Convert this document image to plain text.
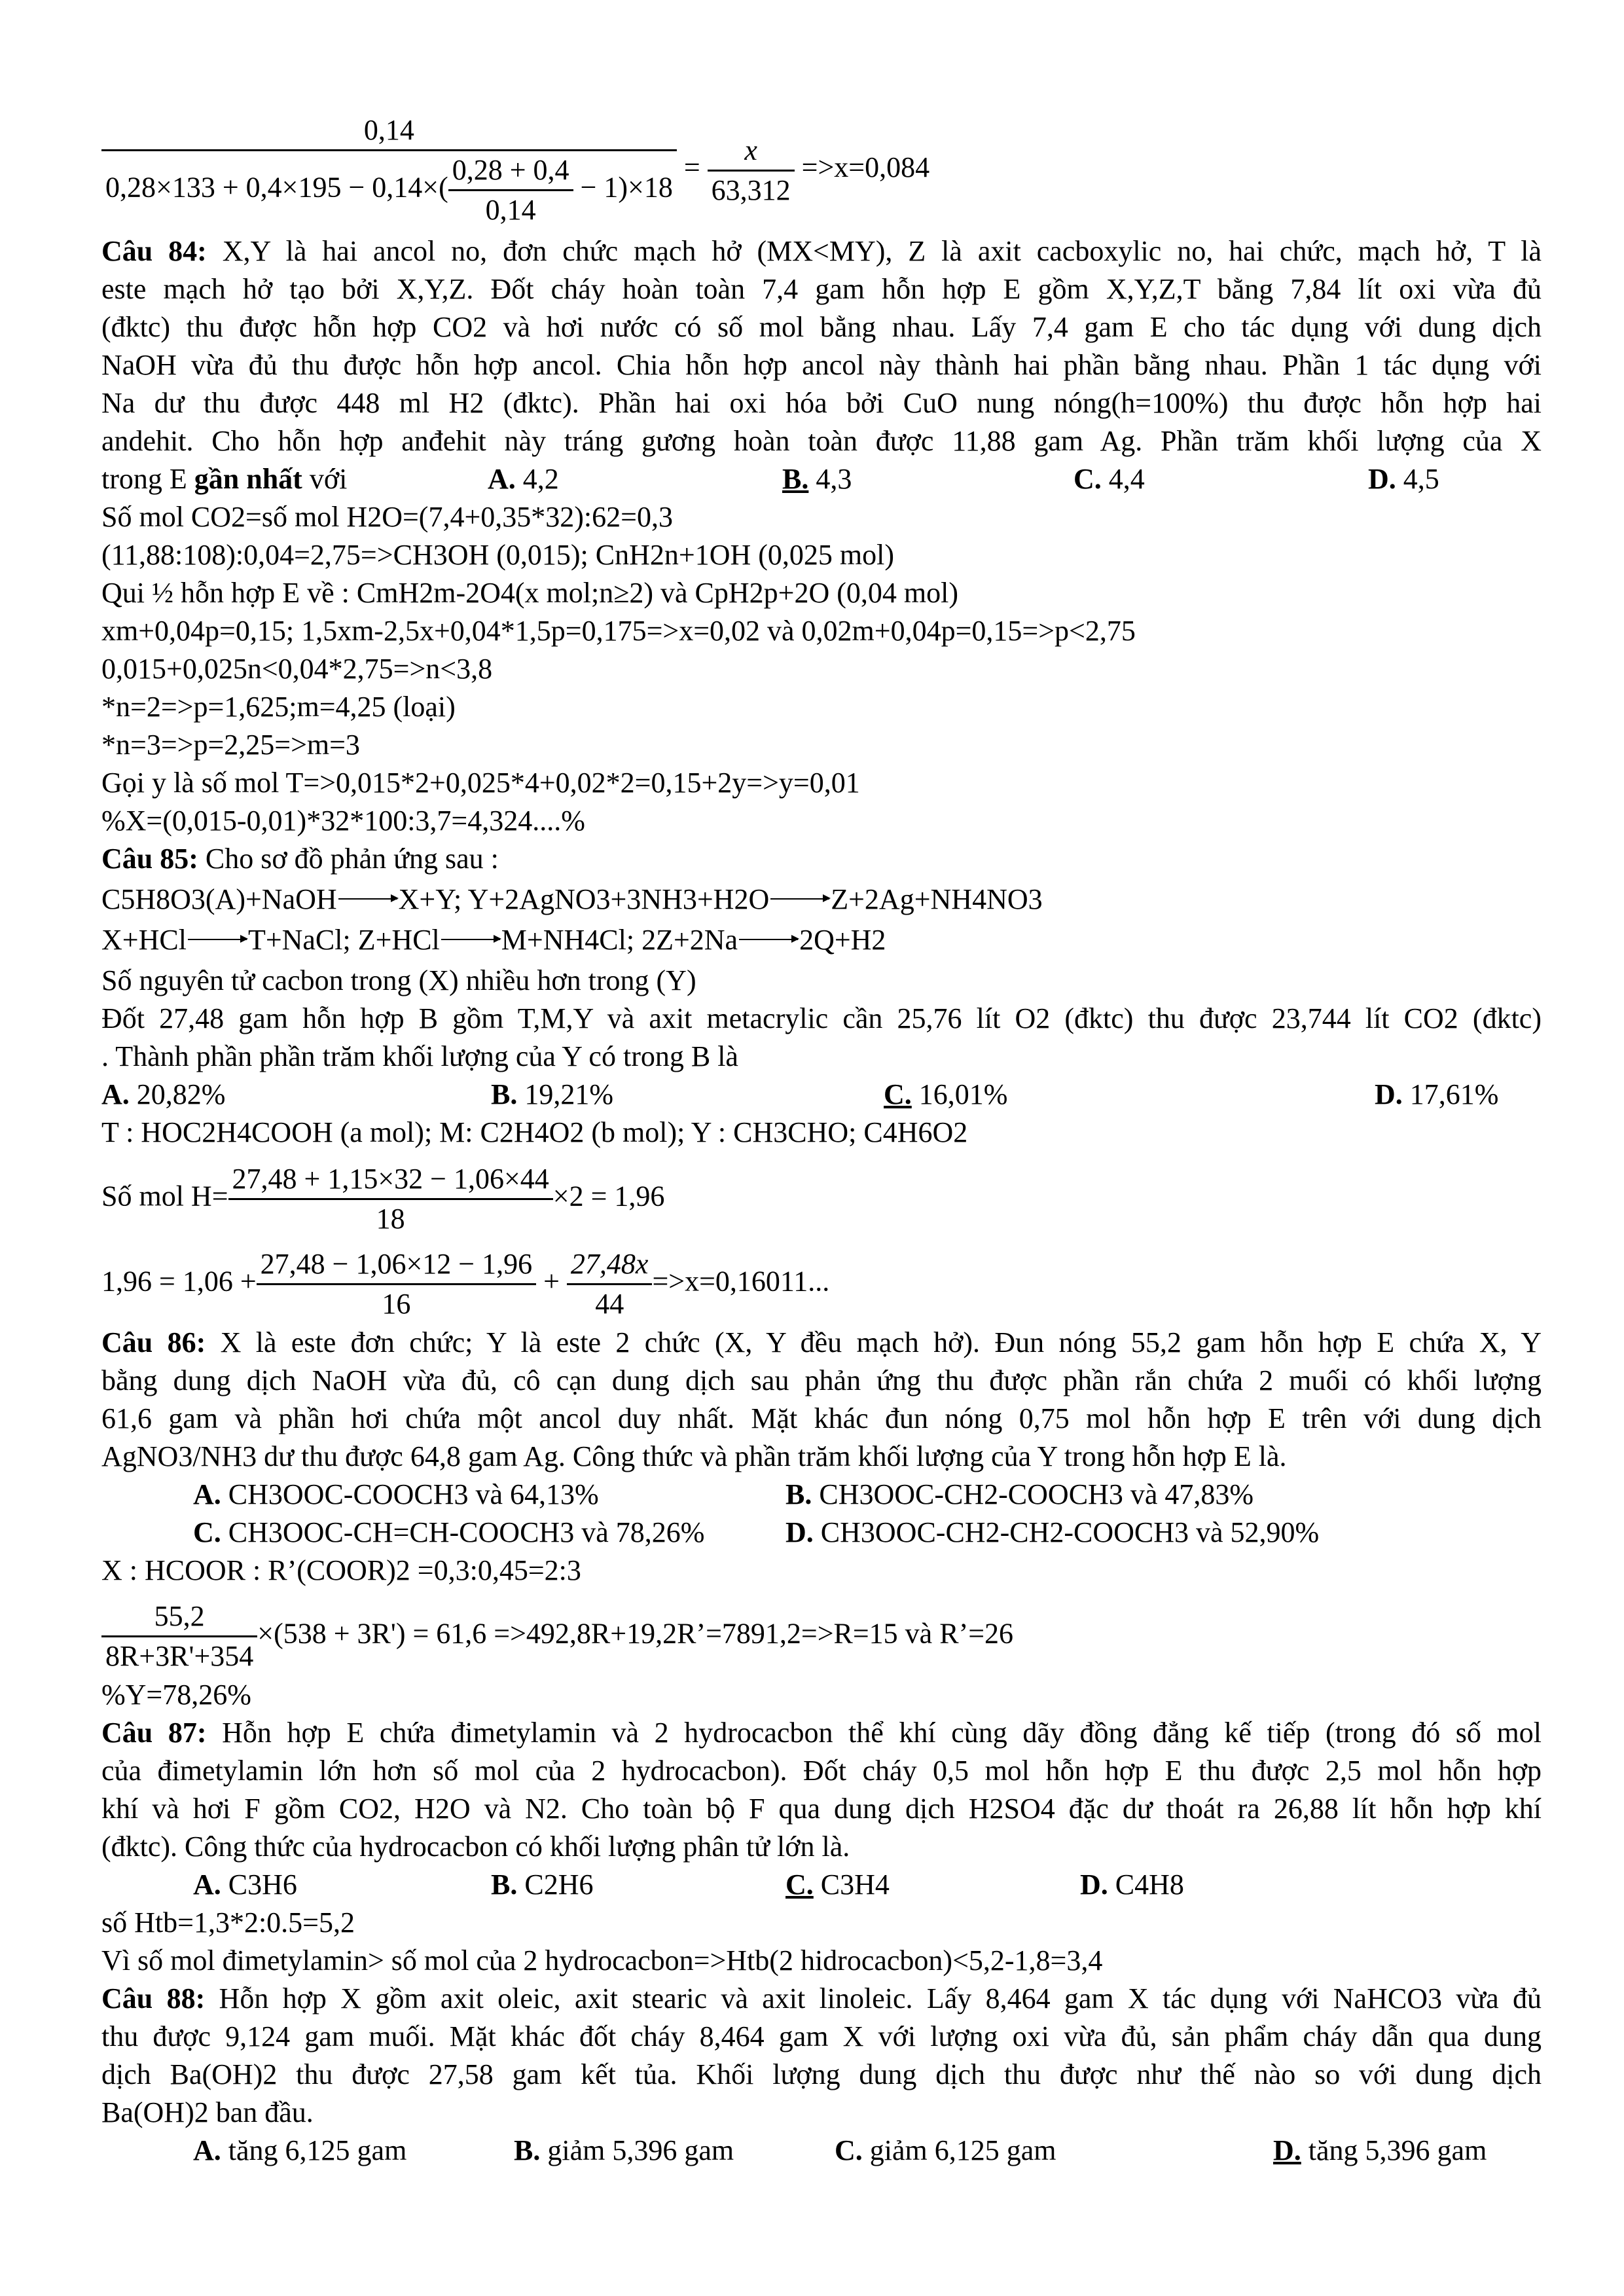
$\frac{0,14}{0,28\times 133 + 0,4\times 195 - 0,14\times( \frac{0,28 + 0,4}{0,14} - 1)\times 18} = \frac{x}{63,312} =>x=0,084$
Câu 84: X,Y là hai ancol no, đơn chức mạch hở (MX<MY), Z là axit cacboxylic no, hai chức, mạch hở, T là
este mạch hở tạo bởi X,Y,Z. Đốt cháy hoàn toàn 7,4 gam hỗn hợp E gồm X,Y,Z,T bằng 7,84 lít oxi vừa đủ
(đktc) thu được hỗn hợp CO2 và hơi nước có số mol bằng nhau. Lấy 7,4 gam E cho tác dụng với dung dịch
NaOH vừa đủ thu được hỗn hợp ancol. Chia hỗn hợp ancol này thành hai phần bằng nhau. Phần 1 tác dụng với
Na dư thu được 448 ml H2 (đktc). Phần hai oxi hóa bởi CuO nung nóng(h=100%) thu được hỗn hợp hai
andehit. Cho hỗn hợp anđehit này tráng gương hoàn toàn được 11,88 gam Ag. Phần trăm khối lượng của X
trong E gần nhất với	A. 4,2	B. 4,3	C. 4,4	D. 4,5
Số mol CO2=số mol H2O=(7,4+0,35*32):62=0,3
(11,88:108):0,04=2,75=>CH3OH (0,015); CnH2n+1OH (0,025 mol)
Qui ½ hỗn hợp E về : CmH2m-2O4(x mol;n≥2) và CpH2p+2O (0,04 mol)
xm+0,04p=0,15; 1,5xm-2,5x+0,04*1,5p=0,175=>x=0,02 và 0,02m+0,04p=0,15=>p<2,75
0,015+0,025n<0,04*2,75=>n<3,8
*n=2=>p=1,625;m=4,25 (loại)
*n=3=>p=2,25=>m=3
Gọi y là số mol T=>0,015*2+0,025*4+0,02*2=0,15+2y=>y=0,01
%X=(0,015-0,01)*32*100:3,7=4,324....%
Câu 85: Cho sơ đồ phản ứng sau :
C5H8O3(A)+NaOH X+Y; Y+2AgNO3+3NH3+H2O Z+2Ag+NH4NO3
X+HCl T+NaCl; Z+HCl M+NH4Cl; 2Z+2Na 2Q+H2
Số nguyên tử cacbon trong (X) nhiều hơn trong (Y)
Đốt 27,48 gam hỗn hợp B gồm T,M,Y và axit metacrylic cần 25,76 lít O2 (đktc) thu được 23,744 lít CO2 (đktc)
. Thành phần phần trăm khối lượng của Y có trong B là
A. 20,82%	B. 19,21%	C. 16,01%	D. 17,61%
T : HOC2H4COOH (a mol); M: C2H4O2 (b mol); Y : CH3CHO; C4H6O2
Số mol $H= \frac{27,48 + 1,15\times 32 - 1,06\times 44}{18} \times 2 = 1,96$
$1,96 = 1,06 + \frac{27,48 - 1,06\times 12 - 1,96}{16} + \frac{27,48x}{44} =>x=0,16011$...
Câu 86: X là este đơn chức; Y là este 2 chức (X, Y đều mạch hở). Đun nóng 55,2 gam hỗn hợp E chứa X, Y
bằng dung dịch NaOH vừa đủ, cô cạn dung dịch sau phản ứng thu được phần rắn chứa 2 muối có khối lượng
61,6 gam và phần hơi chứa một ancol duy nhất. Mặt khác đun nóng 0,75 mol hỗn hợp E trên với dung dịch
AgNO3/NH3 dư thu được 64,8 gam Ag. Công thức và phần trăm khối lượng của Y trong hỗn hợp E là.
A. CH3OOC-COOCH3 và 64,13%	B. CH3OOC-CH2-COOCH3 và 47,83%
C. CH3OOC-CH=CH-COOCH3 và 78,26%	D. CH3OOC-CH2-CH2-COOCH3 và 52,90%
X : HCOOR : R’(COOR)2 =0,3:0,45=2:3
$\frac{55,2}{8R+3R'+354} \times(538 + 3R') = 61,6$ =>492,8R+19,2R’=7891,2=>R=15 và R’=26
%Y=78,26%
Câu 87: Hỗn hợp E chứa đimetylamin và 2 hydrocacbon thể khí cùng dãy đồng đẳng kế tiếp (trong đó số mol
của đimetylamin lớn hơn số mol của 2 hydrocacbon). Đốt cháy 0,5 mol hỗn hợp E thu được 2,5 mol hỗn hợp
khí và hơi F gồm CO2, H2O và N2. Cho toàn bộ F qua dung dịch H2SO4 đặc dư thoát ra 26,88 lít hỗn hợp khí
(đktc). Công thức của hydrocacbon có khối lượng phân tử lớn là.
A. C3H6	B. C2H6	C. C3H4	D. C4H8
số Htb=1,3*2:0.5=5,2
Vì số mol đimetylamin> số mol của 2 hydrocacbon=>Htb(2 hidrocacbon)<5,2-1,8=3,4
Câu 88: Hỗn hợp X gồm axit oleic, axit stearic và axit linoleic. Lấy 8,464 gam X tác dụng với NaHCO3 vừa đủ
thu được 9,124 gam muối. Mặt khác đốt cháy 8,464 gam X với lượng oxi vừa đủ, sản phẩm cháy dẫn qua dung
dịch Ba(OH)2 thu được 27,58 gam kết tủa. Khối lượng dung dịch thu được như thế nào so với dung dịch
Ba(OH)2 ban đầu.
A. tăng 6,125 gam	B. giảm 5,396 gam	C. giảm 6,125 gam	D. tăng 5,396 gam
